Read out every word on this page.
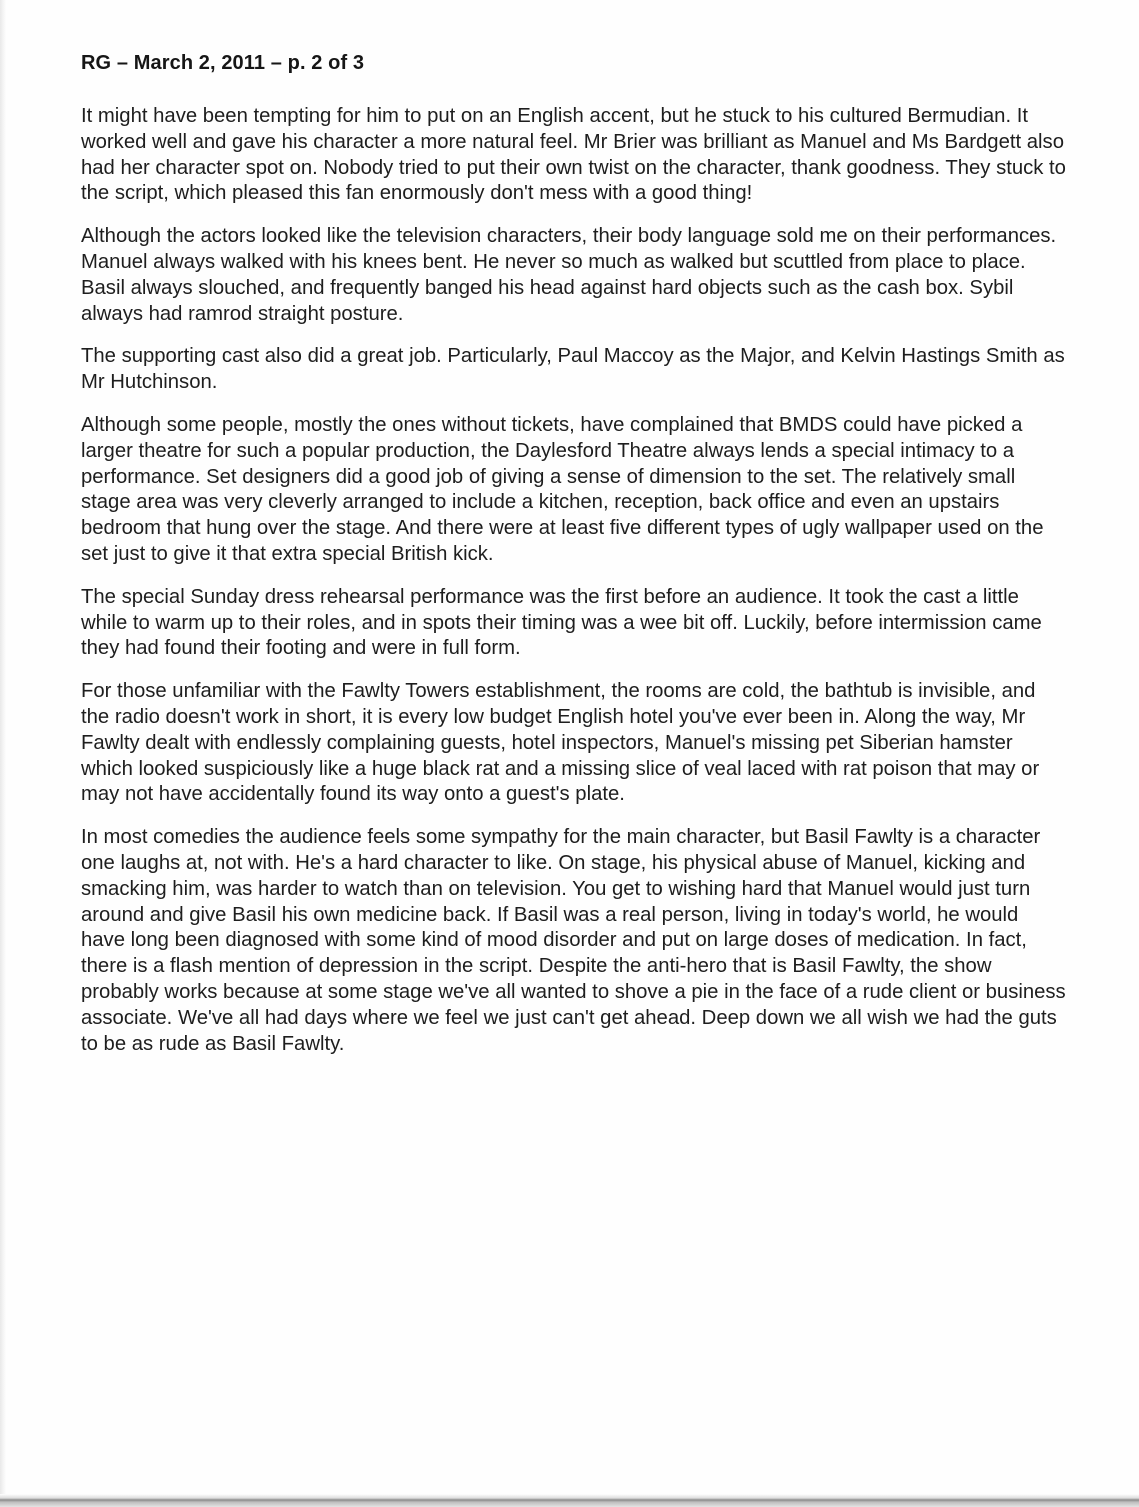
RG – March 2, 2011 – p. 2 of 3

It might have been tempting for him to put on an English accent, but he stuck to his cultured Bermudian. It worked well and gave his character a more natural feel. Mr Brier was brilliant as Manuel and Ms Bardgett also had her character spot on. Nobody tried to put their own twist on the character, thank goodness. They stuck to the script, which pleased this fan enormously don't mess with a good thing!

Although the actors looked like the television characters, their body language sold me on their performances. Manuel always walked with his knees bent. He never so much as walked but scuttled from place to place. Basil always slouched, and frequently banged his head against hard objects such as the cash box. Sybil always had ramrod straight posture.

The supporting cast also did a great job. Particularly, Paul Maccoy as the Major, and Kelvin Hastings Smith as Mr Hutchinson.

Although some people, mostly the ones without tickets, have complained that BMDS could have picked a larger theatre for such a popular production, the Daylesford Theatre always lends a special intimacy to a performance. Set designers did a good job of giving a sense of dimension to the set. The relatively small stage area was very cleverly arranged to include a kitchen, reception, back office and even an upstairs bedroom that hung over the stage. And there were at least five different types of ugly wallpaper used on the set just to give it that extra special British kick.

The special Sunday dress rehearsal performance was the first before an audience. It took the cast a little while to warm up to their roles, and in spots their timing was a wee bit off. Luckily, before intermission came they had found their footing and were in full form.

For those unfamiliar with the Fawlty Towers establishment, the rooms are cold, the bathtub is invisible, and the radio doesn't work in short, it is every low budget English hotel you've ever been in. Along the way, Mr Fawlty dealt with endlessly complaining guests, hotel inspectors, Manuel's missing pet Siberian hamster which looked suspiciously like a huge black rat and a missing slice of veal laced with rat poison that may or may not have accidentally found its way onto a guest's plate.

In most comedies the audience feels some sympathy for the main character, but Basil Fawlty is a character one laughs at, not with. He's a hard character to like. On stage, his physical abuse of Manuel, kicking and smacking him, was harder to watch than on television. You get to wishing hard that Manuel would just turn around and give Basil his own medicine back. If Basil was a real person, living in today's world, he would have long been diagnosed with some kind of mood disorder and put on large doses of medication. In fact, there is a flash mention of depression in the script. Despite the anti-hero that is Basil Fawlty, the show probably works because at some stage we've all wanted to shove a pie in the face of a rude client or business associate. We've all had days where we feel we just can't get ahead. Deep down we all wish we had the guts to be as rude as Basil Fawlty.
